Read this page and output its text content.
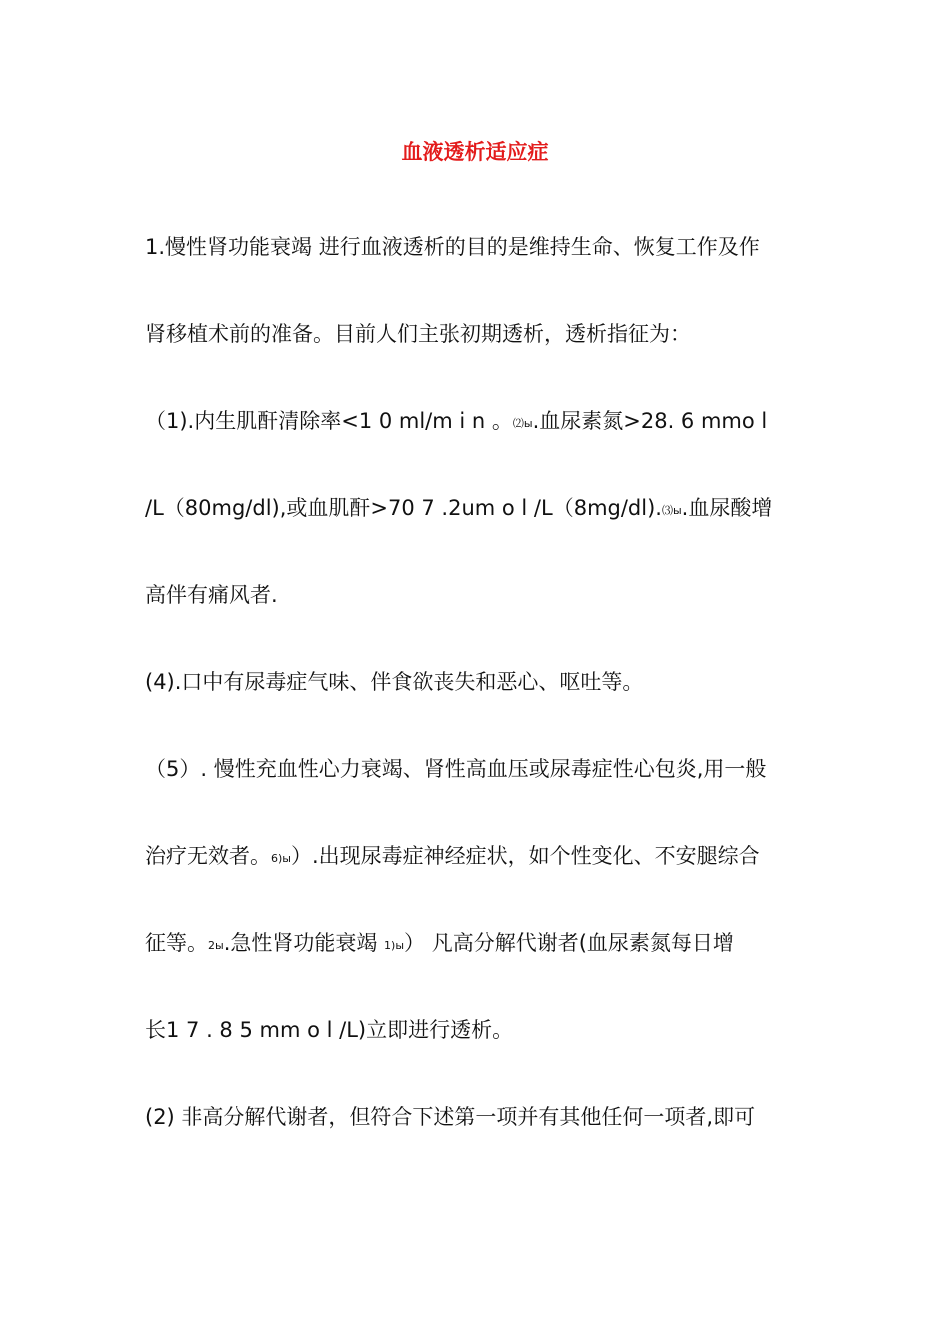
血液透析适应症
1.慢性肾功能衰竭 进行血液透析的目的是维持生命、恢复工作及作
肾移植术前的准备。目前人们主张初期透析，透析指征为：
（1).内生肌酐清除率<1 0 ml/m i n 。⑵ы.血尿素氮>28. 6 mmo l
/L（80mg/dl),或血肌酐>70 7 .2um o l /L（8mg/dl).⑶ы.血尿酸增
高伴有痛风者.
(4).口中有尿毒症气味、伴食欲丧失和恶心、呕吐等。
（5）. 慢性充血性心力衰竭、肾性高血压或尿毒症性心包炎,用一般
治疗无效者。6)ы）.出现尿毒症神经症状，如个性变化、不安腿综合
征等。2ы.急性肾功能衰竭 1)ы） 凡高分解代谢者(血尿素氮每日增
长1 7 . 8 5 mm o l /L)立即进行透析。
(2) 非高分解代谢者，但符合下述第一项并有其他任何一项者,即可
